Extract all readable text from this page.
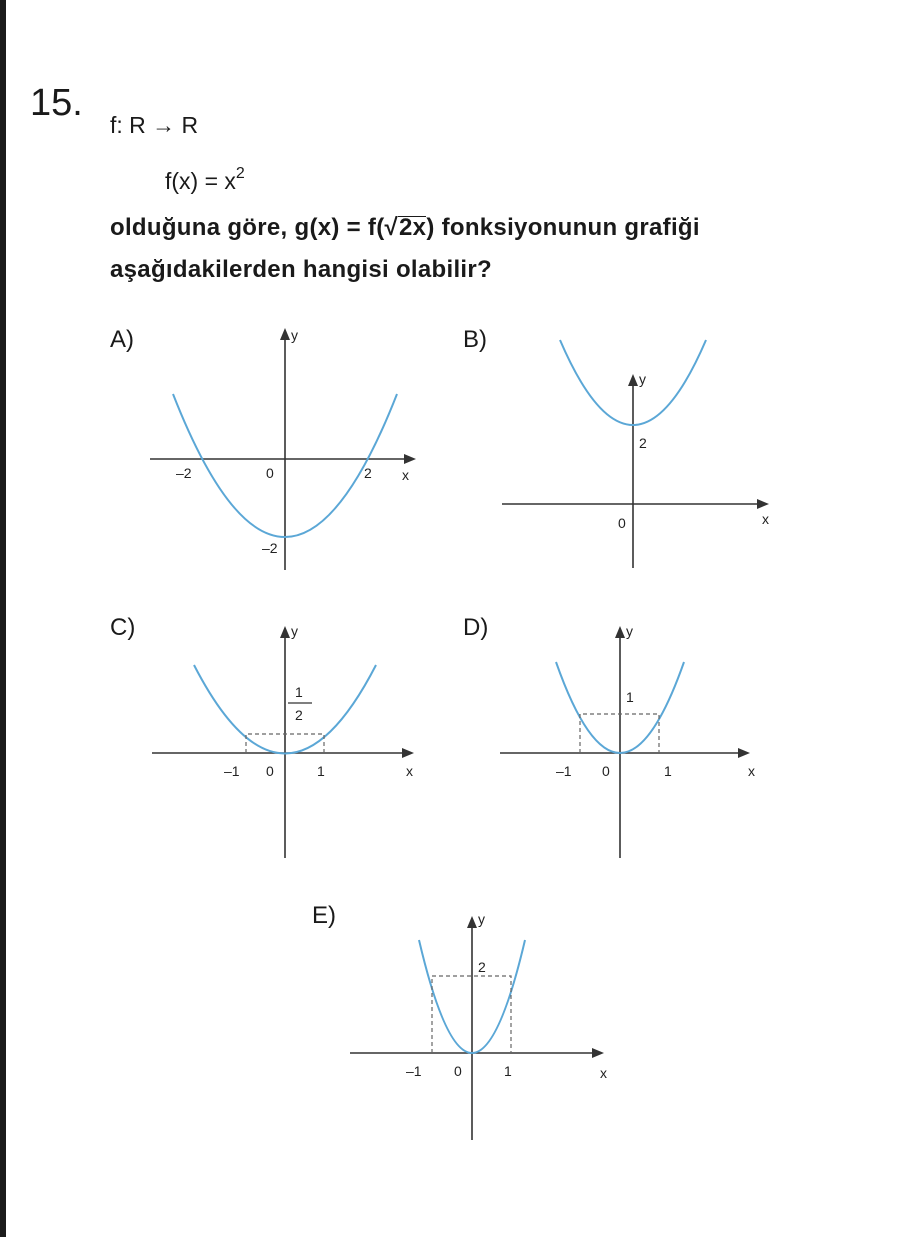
15.
f: R → R
$f(x) = x^2$
olduğuna göre, g(x) = f(√2x) fonksiyonunun grafiği
aşağıdakilerden hangisi olabilir?
A)	B)
C)	D)
E)
y
x
–2	0	2
–2
y
x
0
2
y
x
–1 0	1
1
2
y
x
–1 0	1
1
y
x
–1 0	1
2
